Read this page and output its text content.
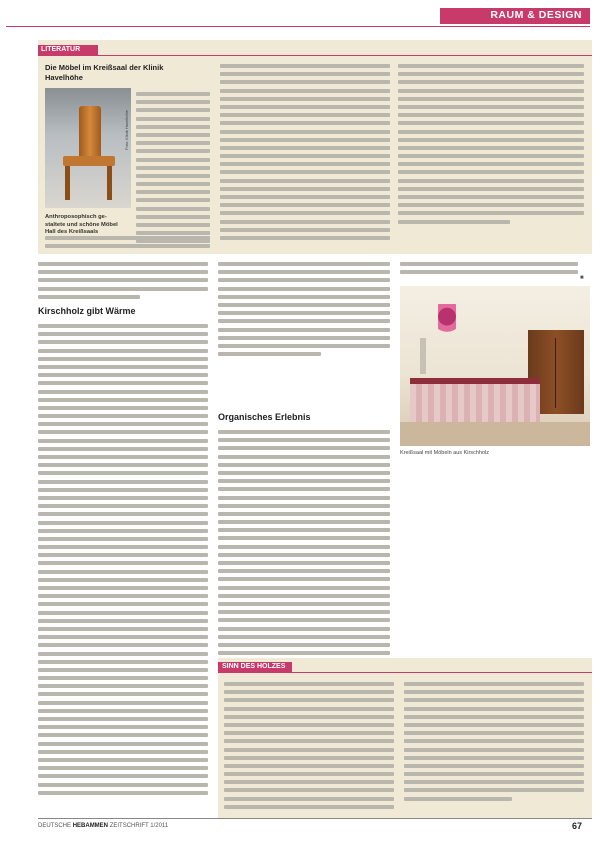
RAUM & DESIGN
LITERATUR
Die Möbel im Kreißsaal der Klinik
Havelhöhe
Foto: Klinik Havelhöhe
Anthroposophisch ge-
staltete und schöne Möbel
Hall des Kreißsaals
Kirschholz gibt Wärme
Organisches Erlebnis
■
Kreißsaal mit Möbeln aus Kirschholz
SINN DES HOLZES
DEUTSCHE HEBAMMEN ZEITSCHRIFT 1/2011	67
